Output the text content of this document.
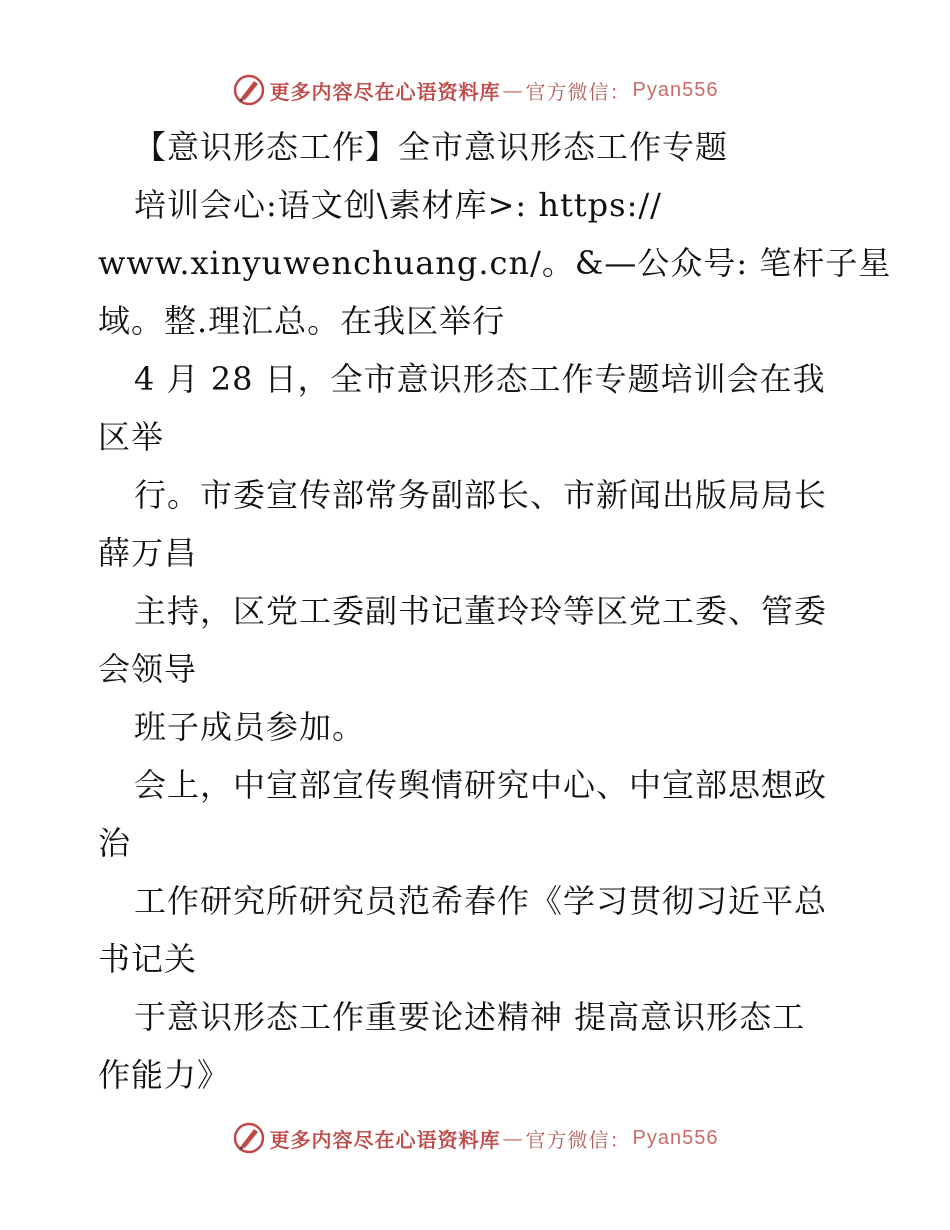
更多内容尽在心语资料库 — 官方微信： Pyan556
【意识形态工作】全市意识形态工作专题
培训会心:语文创\素材库>: https://
www.xinyuwenchuang.cn/。&—公众号: 笔杆子星
域。整.理汇总。在我区举行
4 月 28 日，全市意识形态工作专题培训会在我
区举
行。市委宣传部常务副部长、市新闻出版局局长
薛万昌
主持，区党工委副书记董玲玲等区党工委、管委
会领导
班子成员参加。
会上，中宣部宣传舆情研究中心、中宣部思想政
治
工作研究所研究员范希春作《学习贯彻习近平总
书记关
于意识形态工作重要论述精神 提高意识形态工
作能力》
更多内容尽在心语资料库 — 官方微信： Pyan556
